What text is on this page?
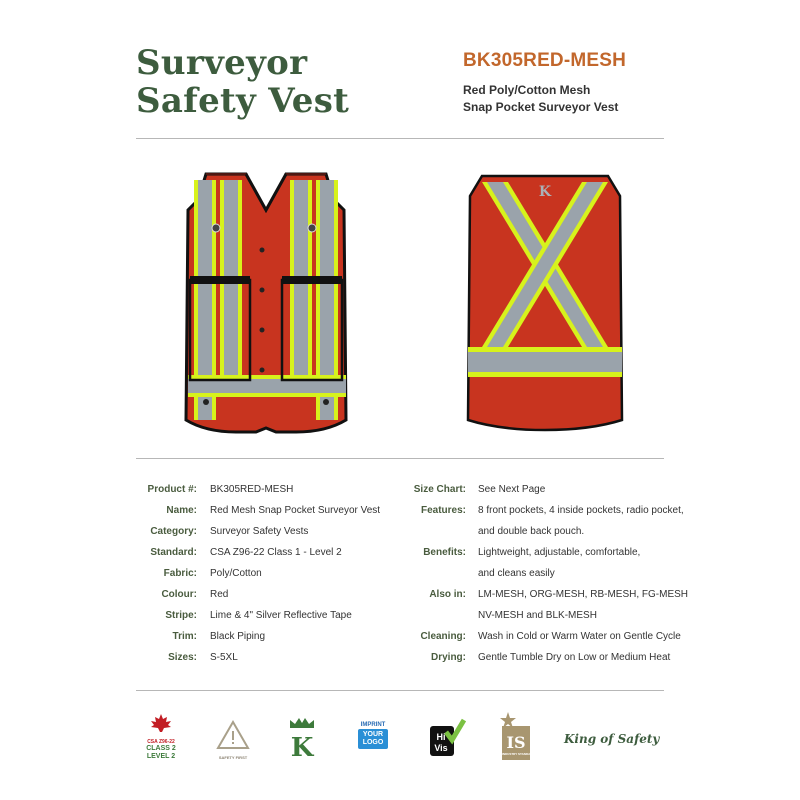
Surveyor
Safety Vest
BK305RED-MESH
Red Poly/Cotton Mesh
Snap Pocket Surveyor Vest
K
Product #: BK305RED-MESH
Name: Red Mesh Snap Pocket Surveyor Vest
Category: Surveyor Safety Vests
Standard: CSA Z96-22 Class 1 - Level 2
Fabric: Poly/Cotton
Colour: Red
Stripe: Lime & 4" Silver Reflective Tape
Trim: Black Piping
Sizes: S-5XL
Size Chart: See Next Page
Features: 8 front pockets, 4 inside pockets, radio pocket,
and double back pouch.
Benefits: Lightweight, adjustable, comfortable,
and cleans easily
Also in: LM-MESH, ORG-MESH, RB-MESH, FG-MESH
NV-MESH and BLK-MESH
Cleaning: Wash in Cold or Warm Water on Gentle Cycle
Drying: Gentle Tumble Dry on Low or Medium Heat
CSA Z96-22
CLASS 2
LEVEL 2	SAFETY FIRST K
IMPRINT
YOUR
LOGO
Hi
Vis	IS
INDUSTRY STANDARD
King of Safety
